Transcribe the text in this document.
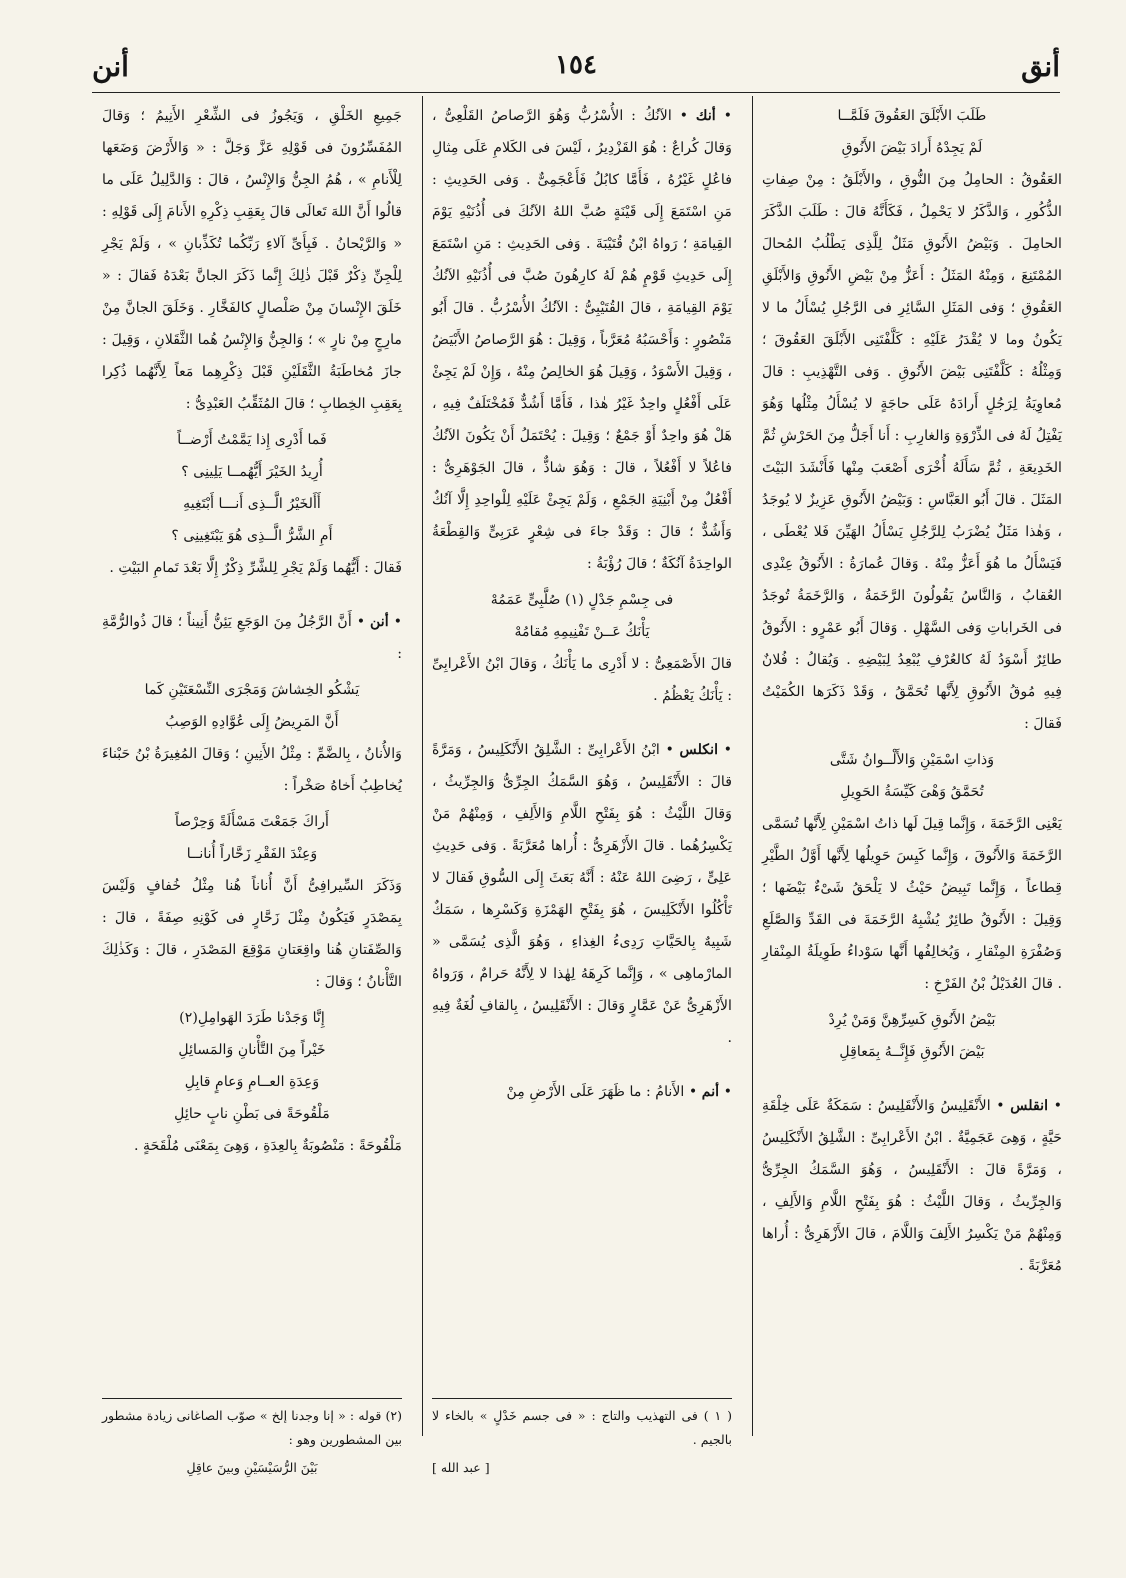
أنق
١٥٤
أنن

طَلَبَ الأَبْلَقَ العَقُوقَ فَلَمَّــا

لَمْ يَجِدْهُ أَرادَ بَيْضَ الأَنُوقِ

العَقُوقُ : الحامِلُ مِنَ النُّوقِ ، والأَبْلَقُ : مِنْ صِفاتِ الذُّكُورِ ، وَالذَّكَرُ لا يَحْمِلُ ، فَكَأَنَّهُ قالَ : طَلَبَ الذَّكَرَ الحامِلَ . وَبَيْضُ الأَنُوقِ مَثَلٌ لِلَّذِى يَطْلُبُ المُحالَ المُمْتَنِعَ ، وَمِنْهُ المَثَلُ : أَعَزُّ مِنْ بَيْضِ الأَنُوقِ وَالأَبْلَقِ العَقُوقِ ؛ وَفى المَثَلِ السَّائِرِ فى الرَّجُلِ يُسْأَلُ ما لا يَكُونُ وما لا يُقْدَرُ عَلَيْهِ : كَلَّفْتَنِى الأَبْلَقَ العَقُوقَ ؛ وَمِثْلُهُ : كَلَّفْتَنِى بَيْضَ الأَنُوقِ . وَفى التَّهْذِيبِ : قالَ مُعاوِيَةُ لِرَجُلٍ أَرادَهُ عَلَى حاجَةٍ لا يُسْأَلُ مِثْلُها وَهُوَ يَفْتِلُ لَهُ فى الذِّرْوَةِ وَالغارِبِ : أَنا أَجَلُّ مِنَ الحَرْشِ ثُمَّ الخَدِيعَةِ ، ثُمَّ سَأَلَهُ أُخْرَى أَصْعَبَ مِنْها فَأَنْشَدَ البَيْتَ المَثَلَ . قالَ أَبُو العَبَّاسِ : وَبَيْضُ الأَنُوقِ عَزِيزٌ لا يُوجَدُ ، وَهٰذا مَثَلٌ يُضْرَبُ لِلرَّجُلِ يَسْأَلُ الهَيِّنَ فَلا يُعْطَى ، فَيَسْأَلُ ما هُوَ أَعَزُّ مِنْهُ . وَقالَ عُمارَةُ : الأَنُوقُ عِنْدِى العُقابُ ، وَالنَّاسُ يَقُولُونَ الرَّخَمَةُ ، وَالرَّخَمَةُ تُوجَدُ فى الخَراباتِ وَفى السَّهْلِ . وَقالَ أَبُو عَمْرٍو : الأَنُوقُ طائِرٌ أَسْوَدُ لَهُ كالعُرْفِ يُبْعِدُ لِبَيْضِهِ . وَيُقالُ : فُلانٌ فِيهِ مُوقُ الأَنُوقِ لِأَنَّها تُحَمَّقُ ، وَقَدْ ذَكَرَها الكُمَيْتُ فَقالَ :

وَذاتِ اسْمَيْنِ وَالأَلْــوانُ شَتَّى

تُحَمَّقُ وَهْىَ كَيِّسَةُ الحَوِيلِ

يَعْنِى الرَّخَمَةَ ، وَإِنَّما قِيلَ لَها ذاتُ اسْمَيْنِ لِأَنَّها تُسَمَّى الرَّخَمَةَ وَالأَنُوقَ ، وَإِنَّما كَيِسَ حَوِيلُها لِأَنَّها أَوَّلُ الطَّيْرِ قِطاعاً ، وَإِنَّما تَبِيضُ حَيْثُ لا يَلْحَقُ شَىْءٌ بَيْضَها ؛ وَقِيلَ : الأَنُوقُ طائِرٌ يُشْبِهُ الرَّخَمَةَ فى القَدِّ وَالصَّلَعِ وَصُفْرَةِ المِنْقارِ ، وَيُخالِفُها أَنَّها سَوْداءُ طَوِيلَةُ المِنْقارِ . قالَ العُدَيْلُ بْنُ الفَرْخِ :

بَيْضُ الأَنُوقِ كَسِرِّهِنَّ وَمَنْ يُرِدْ

بَيْضَ الأَنُوقِ فَإِنَّــهُ بِمَعاقِلِ

• انقلس • الأَنْقَلِيسُ وَالأَنْقَلِيسُ : سَمَكَةٌ عَلَى خِلْقَةِ حَيَّةٍ ، وَهِىَ عَجَمِيَّةٌ . ابْنُ الأَعْرابِىِّ : الشَّلِقُ الأَنْكَلِيسُ ، وَمَرَّةً قالَ : الأَنْقَلِيسُ ، وَهُوَ السَّمَكُ الجِرِّىُّ وَالجِرِّيثُ ، وَقالَ اللَّيْثُ : هُوَ بِفَتْحِ اللَّامِ وَالأَلِفِ ، وَمِنْهُمْ مَنْ يَكْسِرُ الأَلِفَ وَاللَّامَ ، قالَ الأَزْهَرِىُّ : أُراها مُعَرَّبَةً .

• أنك • الآنُكُ : الأُسْرُبُّ وَهُوَ الرَّصاصُ القَلْعِىُّ ، وَقالَ كُراعٌ : هُوَ القَزْدِيرُ ، لَيْسَ فى الكَلامِ عَلَى مِثالِ فاعُلٍ غَيْرُهُ ، فَأَمَّا كابُلُ فَأَعْجَمِىٌّ . وَفى الحَدِيثِ : مَنِ اسْتَمَعَ إِلَى قَيْنَةٍ صُبَّ اللهُ الآنُكَ فى أُذُنَيْهِ يَوْمَ القِيامَةِ ؛ رَواهُ ابْنُ قُتَيْبَةَ . وَفى الحَدِيثِ : مَنِ اسْتَمَعَ إِلَى حَدِيثِ قَوْمٍ هُمْ لَهُ كارِهُونَ صُبَّ فى أُذُنَيْهِ الآنُكُ يَوْمَ القِيامَةِ ، قالَ القُتَيْبِىُّ : الآنُكُ الأُسْرُبُّ . قالَ أَبُو مَنْصُورٍ : وَأَحْسَبُهُ مُعَرَّباً ، وَقِيلَ : هُوَ الرَّصاصُ الأَبْيَضُ ، وَقِيلَ الأَسْوَدُ ، وَقِيلَ هُوَ الخالِصُ مِنْهُ ، وَإِنْ لَمْ يَجِئْ عَلَى أَفْعُلٍ واحِدٌ غَيْرُ هٰذا ، فَأَمَّا أَشُدٌّ فَمُخْتَلَفٌ فِيهِ ، هَلْ هُوَ واحِدٌ أَوْ جَمْعٌ ؛ وَقِيلَ : يُحْتَمَلُ أَنْ يَكُونَ الآنُكُ فاعُلاً لا أَفْعُلاً ، قالَ : وَهُوَ شاذٌّ ، قالَ الجَوْهَرِىُّ : أَفْعُلٌ مِنْ أَبْنِيَةِ الجَمْعِ ، وَلَمْ يَجِئْ عَلَيْهِ لِلْواحِدِ إِلَّا آنُكٌ وَأَشُدٌّ ؛ قالَ : وَقَدْ جاءَ فى شِعْرٍ عَرَبِىٍّ وَالقِطْعَةُ الواحِدَةُ آنُكَةٌ ؛ قالَ رُؤْبَةُ :

فى جِسْمِ جَدْلٍ (١) صُلَّبِىٍّ عَمَمُهْ

يَأْنَكُ عَــنْ تَفْنِيمِهِ مُقامُهْ

قالَ الأَصْمَعِىُّ : لا أَدْرِى ما يَأْنَكُ ، وَقالَ ابْنُ الأَعْرابِىِّ : يَأْنَكُ يَعْظُمُ .

• انكلس • ابْنُ الأَعْرابِىِّ : الشَّلِقُ الأَنْكَلِيسُ ، وَمَرَّةً قالَ : الأَنْقَلِيسُ ، وَهُوَ السَّمَكُ الجِرِّىُّ وَالجِرِّيثُ ، وَقالَ اللَّيْثُ : هُوَ بِفَتْحِ اللَّامِ وَالأَلِفِ ، وَمِنْهُمْ مَنْ يَكْسِرُهُما . قالَ الأَزْهَرِىُّ : أُراها مُعَرَّبَةً . وَفى حَدِيثِ عَلِىٍّ ، رَضِىَ اللهُ عَنْهُ : أَنَّهُ بَعَثَ إِلَى السُّوقِ فَقالَ لا تَأْكُلُوا الأَنْكَلِيسَ ، هُوَ بِفَتْحِ الهَمْزَةِ وَكَسْرِها ، سَمَكٌ شَبِيهٌ بِالحَيَّاتِ رَدِىءُ الغِذاءِ ، وَهُوَ الَّذِى يُسَمَّى « المارْماهِى » ، وَإِنَّما كَرِهَهُ لِهٰذا لا لِأَنَّهُ حَرامٌ ، وَرَواهُ الأَزْهَرِىُّ عَنْ عَمَّارٍ وَقالَ : الأَنْقَلِيسُ ، بِالقافِ لُغَةٌ فِيهِ .

• أنم • الأَنامُ : ما ظَهَرَ عَلَى الأَرْضِ مِنْ

( ١ ) فى التهذيب والتاج : « فى جسم خَدْلٍ » بالخاء لا بالجيم .
[ عبد الله ]

جَمِيعِ الخَلْقِ ، وَيَجُوزُ فى الشِّعْرِ الأَنِيمُ ؛ وَقالَ المُفَسِّرُونَ فى قَوْلِهِ عَزَّ وَجَلَّ : « وَالأَرْضَ وَضَعَها لِلْأَنامِ » ، هُمُ الجِنُّ وَالإِنْسُ ، قالَ : وَالدَّلِيلُ عَلَى ما قالُوا أَنَّ اللهَ تَعالَى قالَ بِعَقِبِ ذِكْرِهِ الأَنامَ إِلَى قَوْلِهِ : « وَالرَّيْحانُ . فَبِأَىِّ آلاءِ رَبِّكُما تُكَذِّبانِ » ، وَلَمْ يَجْرِ لِلْجِنِّ ذِكْرٌ قَبْلَ ذٰلِكَ إِنَّما ذَكَرَ الجانَّ بَعْدَهُ فَقالَ : « خَلَقَ الإِنْسانَ مِنْ صَلْصالٍ كالفَخَّارِ . وَخَلَقَ الجانَّ مِنْ مارِجٍ مِنْ نارٍ » ؛ وَالجِنُّ وَالإِنْسُ هُما الثَّقَلانِ ، وَقِيلَ : جازَ مُخاطَبَةُ الثَّقَلَيْنِ قَبْلَ ذِكْرِهِما مَعاً لِأَنَّهُما ذُكِرا بِعَقِبِ الخِطابِ ؛ قالَ المُثَقِّبُ العَبْدِىُّ :

فَما أَدْرِى إِذا يَمَّمْتُ أَرْضــاً

أُرِيدُ الخَيْرَ أَيُّهُمــا يَلِينِى ؟

أَأَلخَيْرُ الَّــذِى أَنـــا أَبْتَغِيهِ

أَمِ الشَّرُّ الَّــذِى هُوَ يَبْتَغِينِى ؟

فَقالَ : أَيُّهُما وَلَمْ يَجْرِ لِلشَّرِّ ذِكْرٌ إِلَّا بَعْدَ تَمامِ البَيْتِ .

• أنن • أَنَّ الرَّجُلُ مِنَ الوَجَعِ يَئِنُّ أَنِيناً ؛ قالَ ذُوالرُّمَّةِ :

يَشْكُو الخِشاشَ وَمَجْرَى النِّسْعَتَيْنِ كَما

أَنَّ المَرِيضُ إِلَى عُوَّادِهِ الوَصِبُ

وَالأُنانُ ، بِالضَّمِّ : مِثْلُ الأَنِينِ ؛ وَقالَ المُغِيرَةُ بْنُ حَبْناءَ يُخاطِبُ أَخاهُ صَخْراً :

أَراكَ جَمَعْتَ مَسْأَلَةً وَحِرْصاً

وَعِنْدَ الفَقْرِ زَحَّاراً أُنانــا

وَذَكَرَ السِّيرافِىُّ أَنَّ أُناناً هُنا مِثْلُ خُفافٍ وَلَيْسَ بِمَصْدَرٍ فَيَكُونُ مِثْلَ زَحَّارٍ فى كَوْنِهِ صِفَةً ، قالَ : وَالصِّفَتانِ هُنا واقِعَتانِ مَوْقِعَ المَصْدَرِ ، قالَ : وَكَذٰلِكَ التَّأْنانُ ؛ وَقالَ :

إِنَّا وَجَدْنا طَرَدَ الهَوامِلِ(٢)

خَيْراً مِنَ التَّأْنانِ وَالمَسائِلِ

وَعِدَةِ العــامِ وَعامٍ قابِلِ

مَلْقُوحَةً فى بَطْنِ نابٍ حائِلِ

مَلْقُوحَةً : مَنْصُوبَةٌ بِالعِدَةِ ، وَهِىَ بِمَعْنَى مُلْقَحَةٍ .

(٢) قوله : « إنا وجدنا إلخ » صوّب الصاغانى زيادة مشطور بين المشطورين وهو :
بَيْنَ الرُّسَيْسَيْنِ وبينَ عاقِلِ
